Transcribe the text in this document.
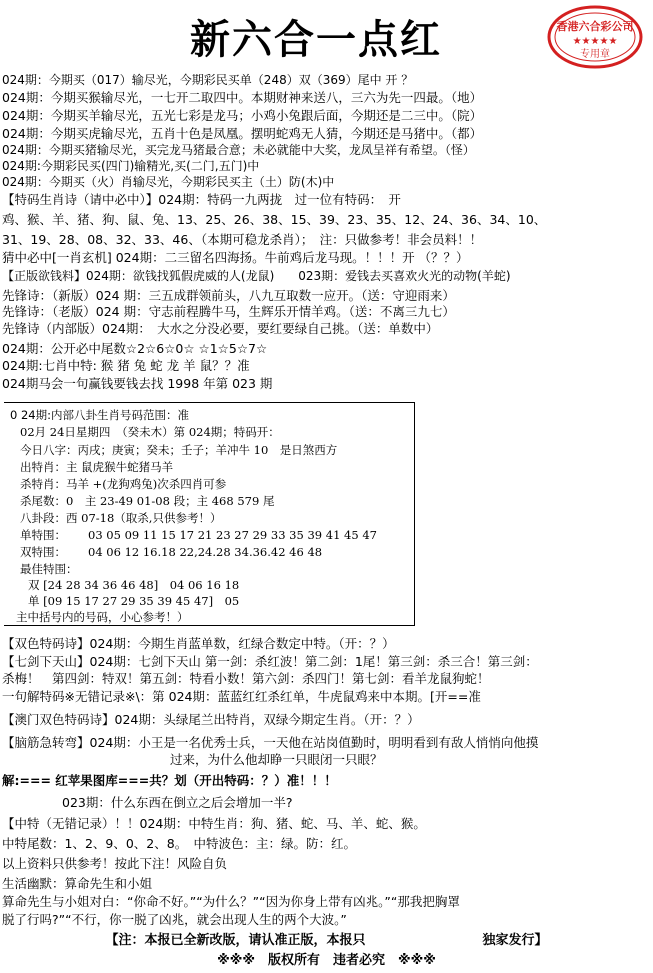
新六合一点红	香港六合彩公司
★★★★★
专用章
024期：今期买（017）输尽光，今期彩民买单（248）双（369）尾中 开 ？
024期：今期买猴输尽光，一七开二取四中。本期财神来送八，三六为先一四最。（地）
024期：今期买羊输尽光，五光七彩是龙马；小鸡小兔跟后面，今期还是二三中。（院）
024期：今期买虎输尽光，五肖十色是凤凰。摆明蛇鸡无人猜，今期还是马猪中。（都）
024期：今期买猪输尽光，买完龙马猪最合意；未必就能中大奖，龙凤呈祥有希望。（怪）
024期:今期彩民买(四门)输精光,买(二门,五门)中
024期：今期买（火）肖输尽光，今期彩民买主（土）防(木)中
【特码生肖诗（请中必中）】024期：特码一九两拢　过一位有特码：　开
鸡、猴、羊、猪、狗、鼠、兔、13、25、26、38、15、39、23、35、12、24、36、34、10、
31、19、28、08、32、33、46、（本期可稳龙杀肖）；　注：只做参考！非会员料！！
猜中必中[一肖玄机] 024期：二三留名四海扬。牛前鸡后龙马现。！！！开 （？？）
【正版欲钱料】024期：欲钱找狐假虎威的人(龙鼠)　　023期：爱钱去买喜欢火光的动物(羊蛇)
先锋诗：（新版）024 期：三五成群领前头，八九互取数一应开。（送：守迎雨来）
先锋诗：（老版）024 期：守志前程腾牛马，生辉乐开情羊鸡。（送：不离三九七）
先锋诗（内部版）024期：　大水之分没必要，要红要绿自己挑。（送：单数中）
024期：公开必中尾数☆2☆6☆0☆ ☆1☆5☆7☆
024期:七肖中特: 猴 猪 兔 蛇 龙 羊 鼠？？准
024期马会一句赢钱要钱去找 1998 年第 023 期
0 24期:内部八卦生肖号码范围：准
02月 24日星期四　（癸未木）第 024期；特码开：
今日八字：丙戌；庚寅；癸未；壬子；羊冲牛 10　是日煞西方
出特肖：主 鼠虎猴牛蛇猪马羊
杀特肖：马羊 +(龙狗鸡兔)次杀四肖可参
杀尾数：0　主 23-49 01-08 段；主 468 579 尾
八卦段：西 07-18（取杀,只供参考！）
单特围： 03 05 09 11 15 17 21 23 27 29 33 35 39 41 45 47
双特围： 04 06 12 16.18 22,24.28 34.36.42 46 48
最佳特围：
双 [24 28 34 36 46 48]　04 06 16 18
单 [09 15 17 27 29 35 39 45 47]　05
主中括号内的号码，小心参考！）
【双色特码诗】024期：今期生肖蓝单数，红绿合数定中特。（开：？）
【七剑下天山】024期：七剑下天山 第一剑：杀红波！第二剑：1尾！第三剑：杀三合！第三剑：
杀梅！　第四剑：特双！第五剑：特看小数！第六剑：杀四门！第七剑：看羊龙鼠狗蛇！
一句解特码※无错记录※\：第 024期：蓝蓝红红杀红单，牛虎鼠鸡来中本期。[开==准
【澳门双色特码诗】024期：头绿尾兰出特肖，双绿今期定生肖。（开：？）
【脑筋急转弯】024期：小王是一名优秀士兵，一天他在站岗值勤时，明明看到有敌人悄悄向他摸
过来，为什么他却睁一只眼闭一只眼？
解:=== 红苹果图库===共？划（开出特码：？）准！！！
023期：什么东西在倒立之后会增加一半?
【中特（无错记录）！！024期：中特生肖：狗、猪、蛇、马、羊、蛇、猴。
中特尾数：1、2、9、0、2、8。　中特波色：主：绿。防：红。
以上资料只供参考！按此下注！风险自负
生活幽默：算命先生和小姐
算命先生与小姐对白：“你命不好。”“为什么？”“因为你身上带有凶兆。”“那我把胸罩
脱了行吗?”“不行，你一脱了凶兆，就会出现人生的两个大波。”
【注：本报已全新改版，请认准正版，本报只　　　　　　　　　独家发行】
※※※　版权所有　违者必究　※※※
